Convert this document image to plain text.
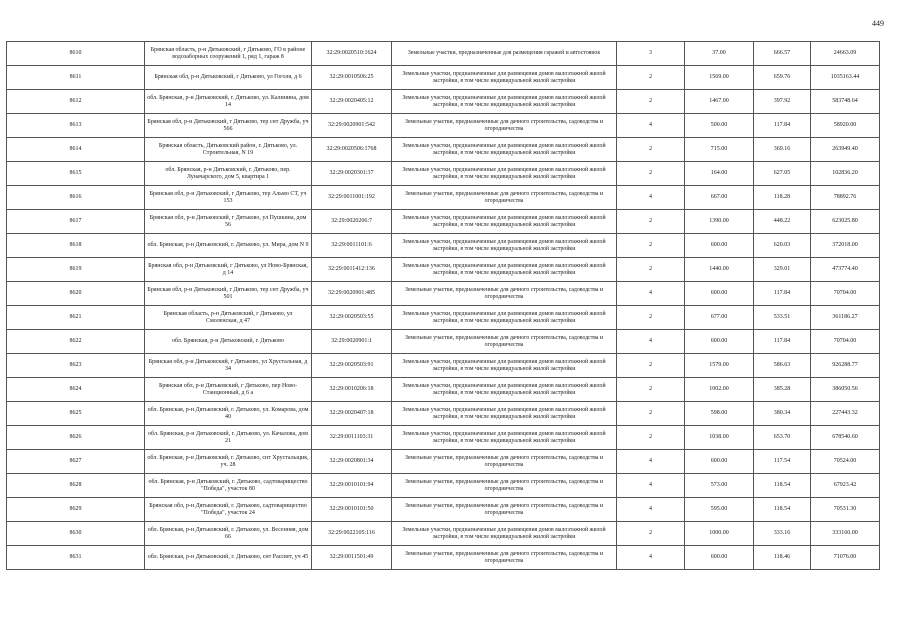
449
8610	Брянская область, р-н Дятьковский, г Дятьково, ГО в районе водозаборных сооружений 1, ряд 1, гараж 8	32:29:0020510:1624	Земельные участки, предназначенные для размещения гаражей и автостоянок	3	37.00	666.57	24663.09
8611	Брянская обл, р-н Дятьковский, г Дятьково, ул Гоголя, д 6	32:29:0010506:25	Земельные участки, предназначенные для размещения домов малоэтажной жилой застройки, в том числе индивидуальной жилой застройки	2	1569.00	659.76	1035163.44
8612	обл. Брянская, р-н Дятьковский, г. Дятьково, ул. Калинина, дом 14	32:29:0020405:12	Земельные участки, предназначенные для размещения домов малоэтажной жилой застройки, в том числе индивидуальной жилой застройки	2	1467.00	397.92	583748.64
8613	Брянская обл, р-н Дятьковский, г Дятьково, тер снт Дружба, уч 566	32:29:0020901:542	Земельные участки, предназначенные для дачного строительства, садоводства и огородничества	4	500.00	117.84	58920.00
8614	Брянская область, Дятьковский район, г. Дятьково, ул. Строительная, N 19	32:29:0020506:1768	Земельные участки, предназначенные для размещения домов малоэтажной жилой застройки, в том числе индивидуальной жилой застройки	2	715.00	369.16	263949.40
8615	обл. Брянская, р-н Дятьковский, г. Дятьково, пер. Луначарского, дом 5, квартира 1	32:29:0020301:37	Земельные участки, предназначенные для размещения домов малоэтажной жилой застройки, в том числе индивидуальной жилой застройки	2	164.00	627.05	102836.20
8616	Брянская обл, р-н Дятьковский, г Дятьково, тер Альмо СТ, уч 153	32:29:0011001:192	Земельные участки, предназначенные для дачного строительства, садоводства и огородничества	4	667.00	118.28	78892.76
8617	Брянская обл, р-н Дятьковский, г Дятьково, ул Пушкина, дом 56	32:29:0020206:7	Земельные участки, предназначенные для размещения домов малоэтажной жилой застройки, в том числе индивидуальной жилой застройки	2	1390.00	448.22	623025.80
8618	обл. Брянская, р-н Дятьковский, г. Дятьково, ул. Мира, дом N 9	32:29:0011101:6	Земельные участки, предназначенные для размещения домов малоэтажной жилой застройки, в том числе индивидуальной жилой застройки	2	600.00	620.03	372018.00
8619	Брянская обл, р-н Дятьковский, г Дятьково, ул Ново-Брянская, д 14	32:29:0011412:136	Земельные участки, предназначенные для размещения домов малоэтажной жилой застройки, в том числе индивидуальной жилой застройки	2	1440.00	329.01	473774.40
8620	Брянская обл, р-н Дятьковский, г Дятьково, тер снт Дружба, уч 501	32:29:0020901:485	Земельные участки, предназначенные для дачного строительства, садоводства и огородничества	4	600.00	117.84	70704.00
8621	Брянская область, р-н Дятьковский, г Дятьково, ул Смоленская, д 47	32:29:0020503:55	Земельные участки, предназначенные для размещения домов малоэтажной жилой застройки, в том числе индивидуальной жилой застройки	2	677.00	533.51	361186.27
8622	обл. Брянская, р-н Дятьковский, г. Дятьково	32:29:0020901:1	Земельные участки, предназначенные для дачного строительства, садоводства и огородничества	4	600.00	117.84	70704.00
8623	Брянская обл, р-н Дятьковский, г Дятьково, ул Хрустальная, д 34	32:29:0020503:91	Земельные участки, предназначенные для размещения домов малоэтажной жилой застройки, в том числе индивидуальной жилой застройки	2	1579.00	586.63	926288.77
8624	Брянская обл, р-н Дятьковский, г Дятьково, пер Ново-Станционный, д 6 а	32:29:0010206:18	Земельные участки, предназначенные для размещения домов малоэтажной жилой застройки, в том числе индивидуальной жилой застройки	2	1002.00	385.28	386050.56
8625	обл. Брянская, р-н Дятьковский, г. Дятьково, ул. Комарова, дом 40	32:29:0020407:18	Земельные участки, предназначенные для размещения домов малоэтажной жилой застройки, в том числе индивидуальной жилой застройки	2	598.00	380.34	227443.32
8626	обл. Брянская, р-н Дятьковский, г. Дятьково, ул. Качалова, дом 21	32:29:0011103:31	Земельные участки, предназначенные для размещения домов малоэтажной жилой застройки, в том числе индивидуальной жилой застройки	2	1038.00	653.70	678540.60
8627	обл. Брянская, р-н Дятьковский, г. Дятьково, снт Хрустальщик, уч. 28	32:29:0020801:34	Земельные участки, предназначенные для дачного строительства, садоводства и огородничества	4	600.00	117.54	70524.00
8628	обл. Брянская, р-н Дятьковский, г. Дятьково, садтоварищество "Победа", участок 80	32:29:0010101:94	Земельные участки, предназначенные для дачного строительства, садоводства и огородничества	4	573.00	118.54	67923.42
8629	Брянская обл, р-н Дятьковский, г. Дятьково, садтоварищество "Победа", участок 24	32:29:0010101:50	Земельные участки, предназначенные для дачного строительства, садоводства и огородничества	4	595.00	118.54	70531.30
8630	обл. Брянская, р-н Дятьковский, г. Дятьково, ул. Весенняя, дом 66	32:29:0022105:116	Земельные участки, предназначенные для размещения домов малоэтажной жилой застройки, в том числе индивидуальной жилой застройки	2	1000.00	333.16	333160.00
8631	обл. Брянская, р-н Дятьковский, г. Дятьково, снт Рассвет, уч 45	32:29:0011501:49	Земельные участки, предназначенные для дачного строительства, садоводства и огородничества	4	600.00	118.46	71076.00
